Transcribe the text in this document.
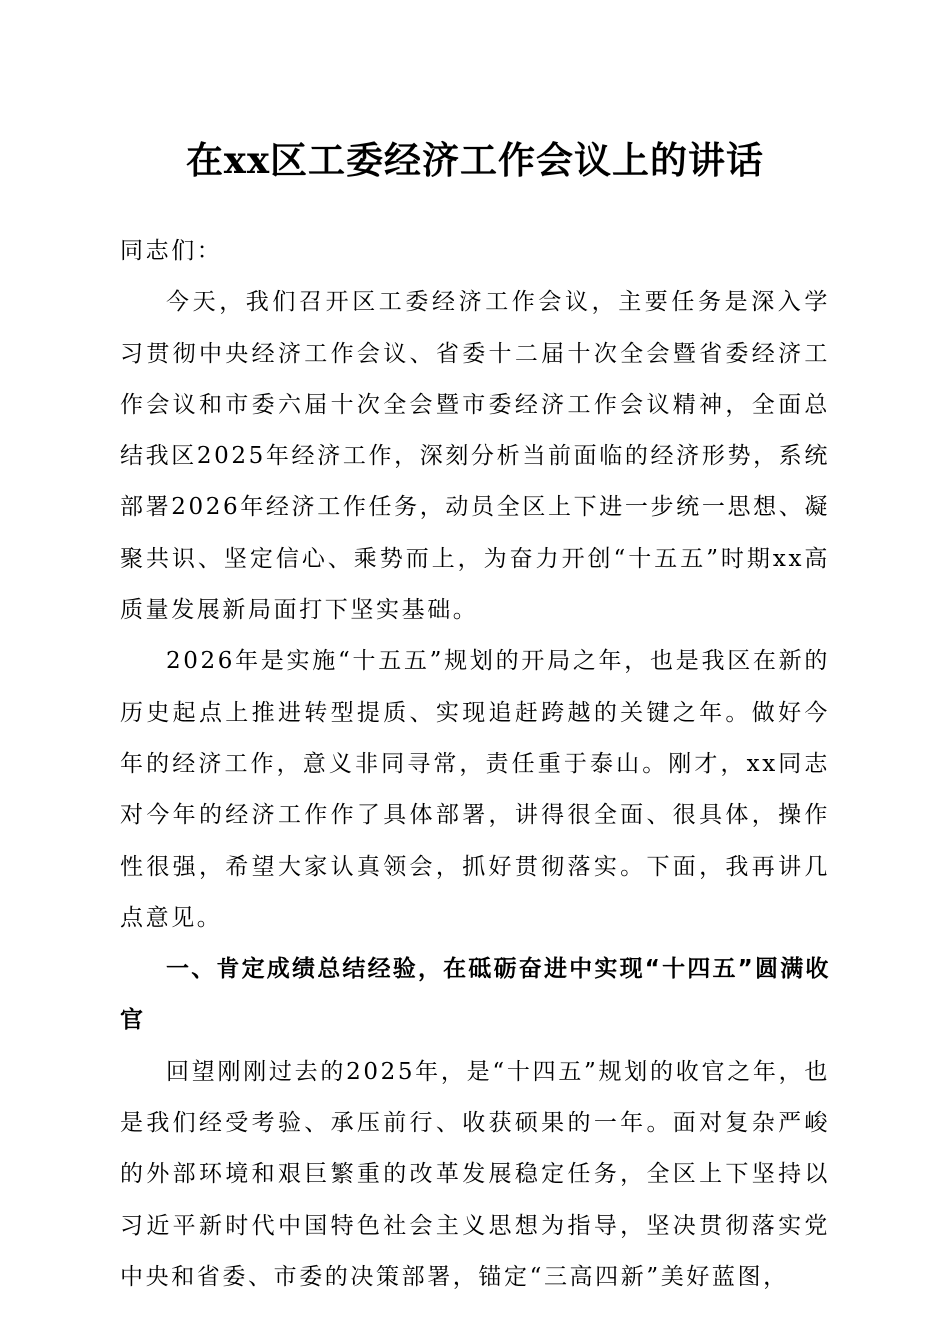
在xx区工委经济工作会议上的讲话

同志们：

今天，我们召开区工委经济工作会议，主要任务是深入学习贯彻中央经济工作会议、省委十二届十次全会暨省委经济工作会议和市委六届十次全会暨市委经济工作会议精神，全面总结我区2025年经济工作，深刻分析当前面临的经济形势，系统部署2026年经济工作任务，动员全区上下进一步统一思想、凝聚共识、坚定信心、乘势而上，为奋力开创“十五五”时期xx高质量发展新局面打下坚实基础。

2026年是实施“十五五”规划的开局之年，也是我区在新的历史起点上推进转型提质、实现追赶跨越的关键之年。做好今年的经济工作，意义非同寻常，责任重于泰山。刚才，xx同志对今年的经济工作作了具体部署，讲得很全面、很具体，操作性很强，希望大家认真领会，抓好贯彻落实。下面，我再讲几点意见。

一、肯定成绩总结经验，在砥砺奋进中实现“十四五”圆满收官

回望刚刚过去的2025年，是“十四五”规划的收官之年，也是我们经受考验、承压前行、收获硕果的一年。面对复杂严峻的外部环境和艰巨繁重的改革发展稳定任务，全区上下坚持以习近平新时代中国特色社会主义思想为指导，坚决贯彻落实党中央和省委、市委的决策部署，锚定“三高四新”美好蓝图，
